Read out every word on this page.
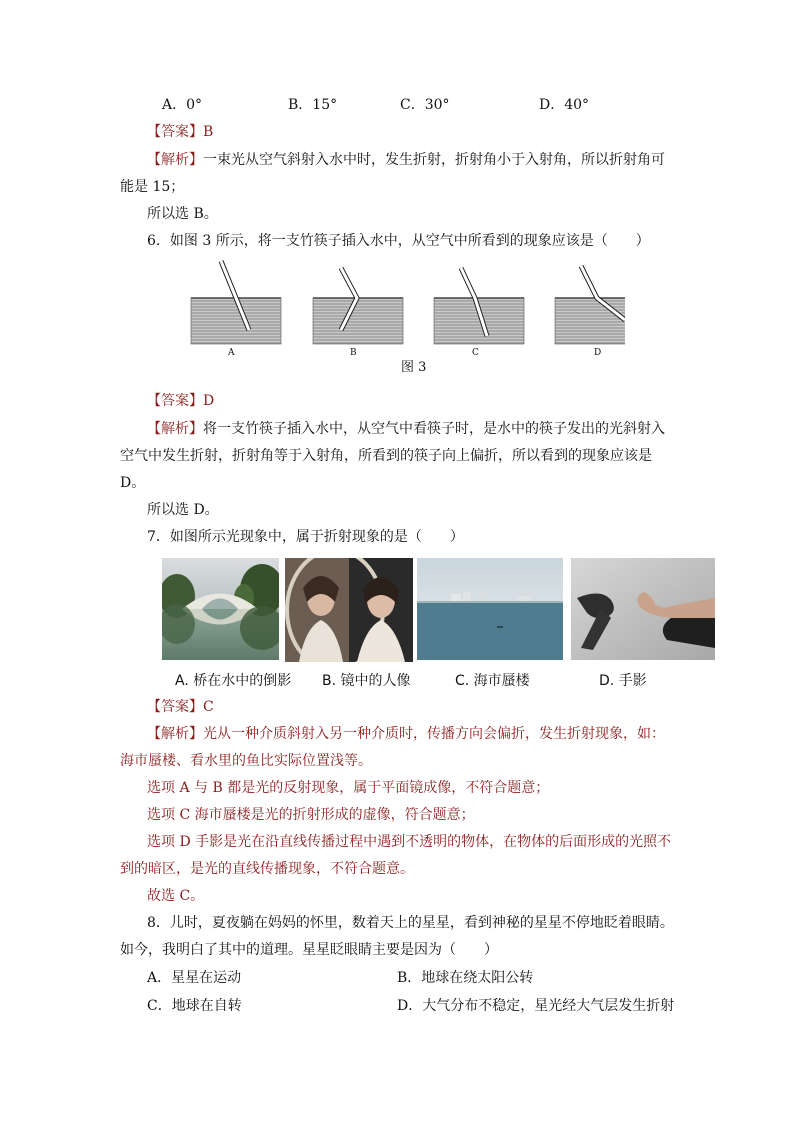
A．0°	B．15°	C．30°	D．40°
【答案】B
【解析】一束光从空气斜射入水中时，发生折射，折射角小于入射角，所以折射角可
能是 15；
所以选 B。
6．如图 3 所示，将一支竹筷子插入水中，从空气中所看到的现象应该是（　　）
A	B	C	D
图 3
【答案】D
【解析】将一支竹筷子插入水中，从空气中看筷子时，是水中的筷子发出的光斜射入
空气中发生折射，折射角等于入射角，所看到的筷子向上偏折，所以看到的现象应该是
D。
所以选 D。
7．如图所示光现象中，属于折射现象的是（　　）
A. 桥在水中的倒影 B. 镜中的人像	C. 海市蜃楼	D. 手影
【答案】C
【解析】光从一种介质斜射入另一种介质时，传播方向会偏折，发生折射现象，如：
海市蜃楼、看水里的鱼比实际位置浅等。
选项 A 与 B 都是光的反射现象，属于平面镜成像，不符合题意；
选项 C 海市蜃楼是光的折射形成的虚像，符合题意；
选项 D 手影是光在沿直线传播过程中遇到不透明的物体，在物体的后面形成的光照不
到的暗区，是光的直线传播现象，不符合题意。
故选 C。
8．儿时，夏夜躺在妈妈的怀里，数着天上的星星，看到神秘的星星不停地眨着眼睛。
如今，我明白了其中的道理。星星眨眼睛主要是因为（　　）
A．星星在运动	B．地球在绕太阳公转
C．地球在自转	D．大气分布不稳定，星光经大气层发生折射
